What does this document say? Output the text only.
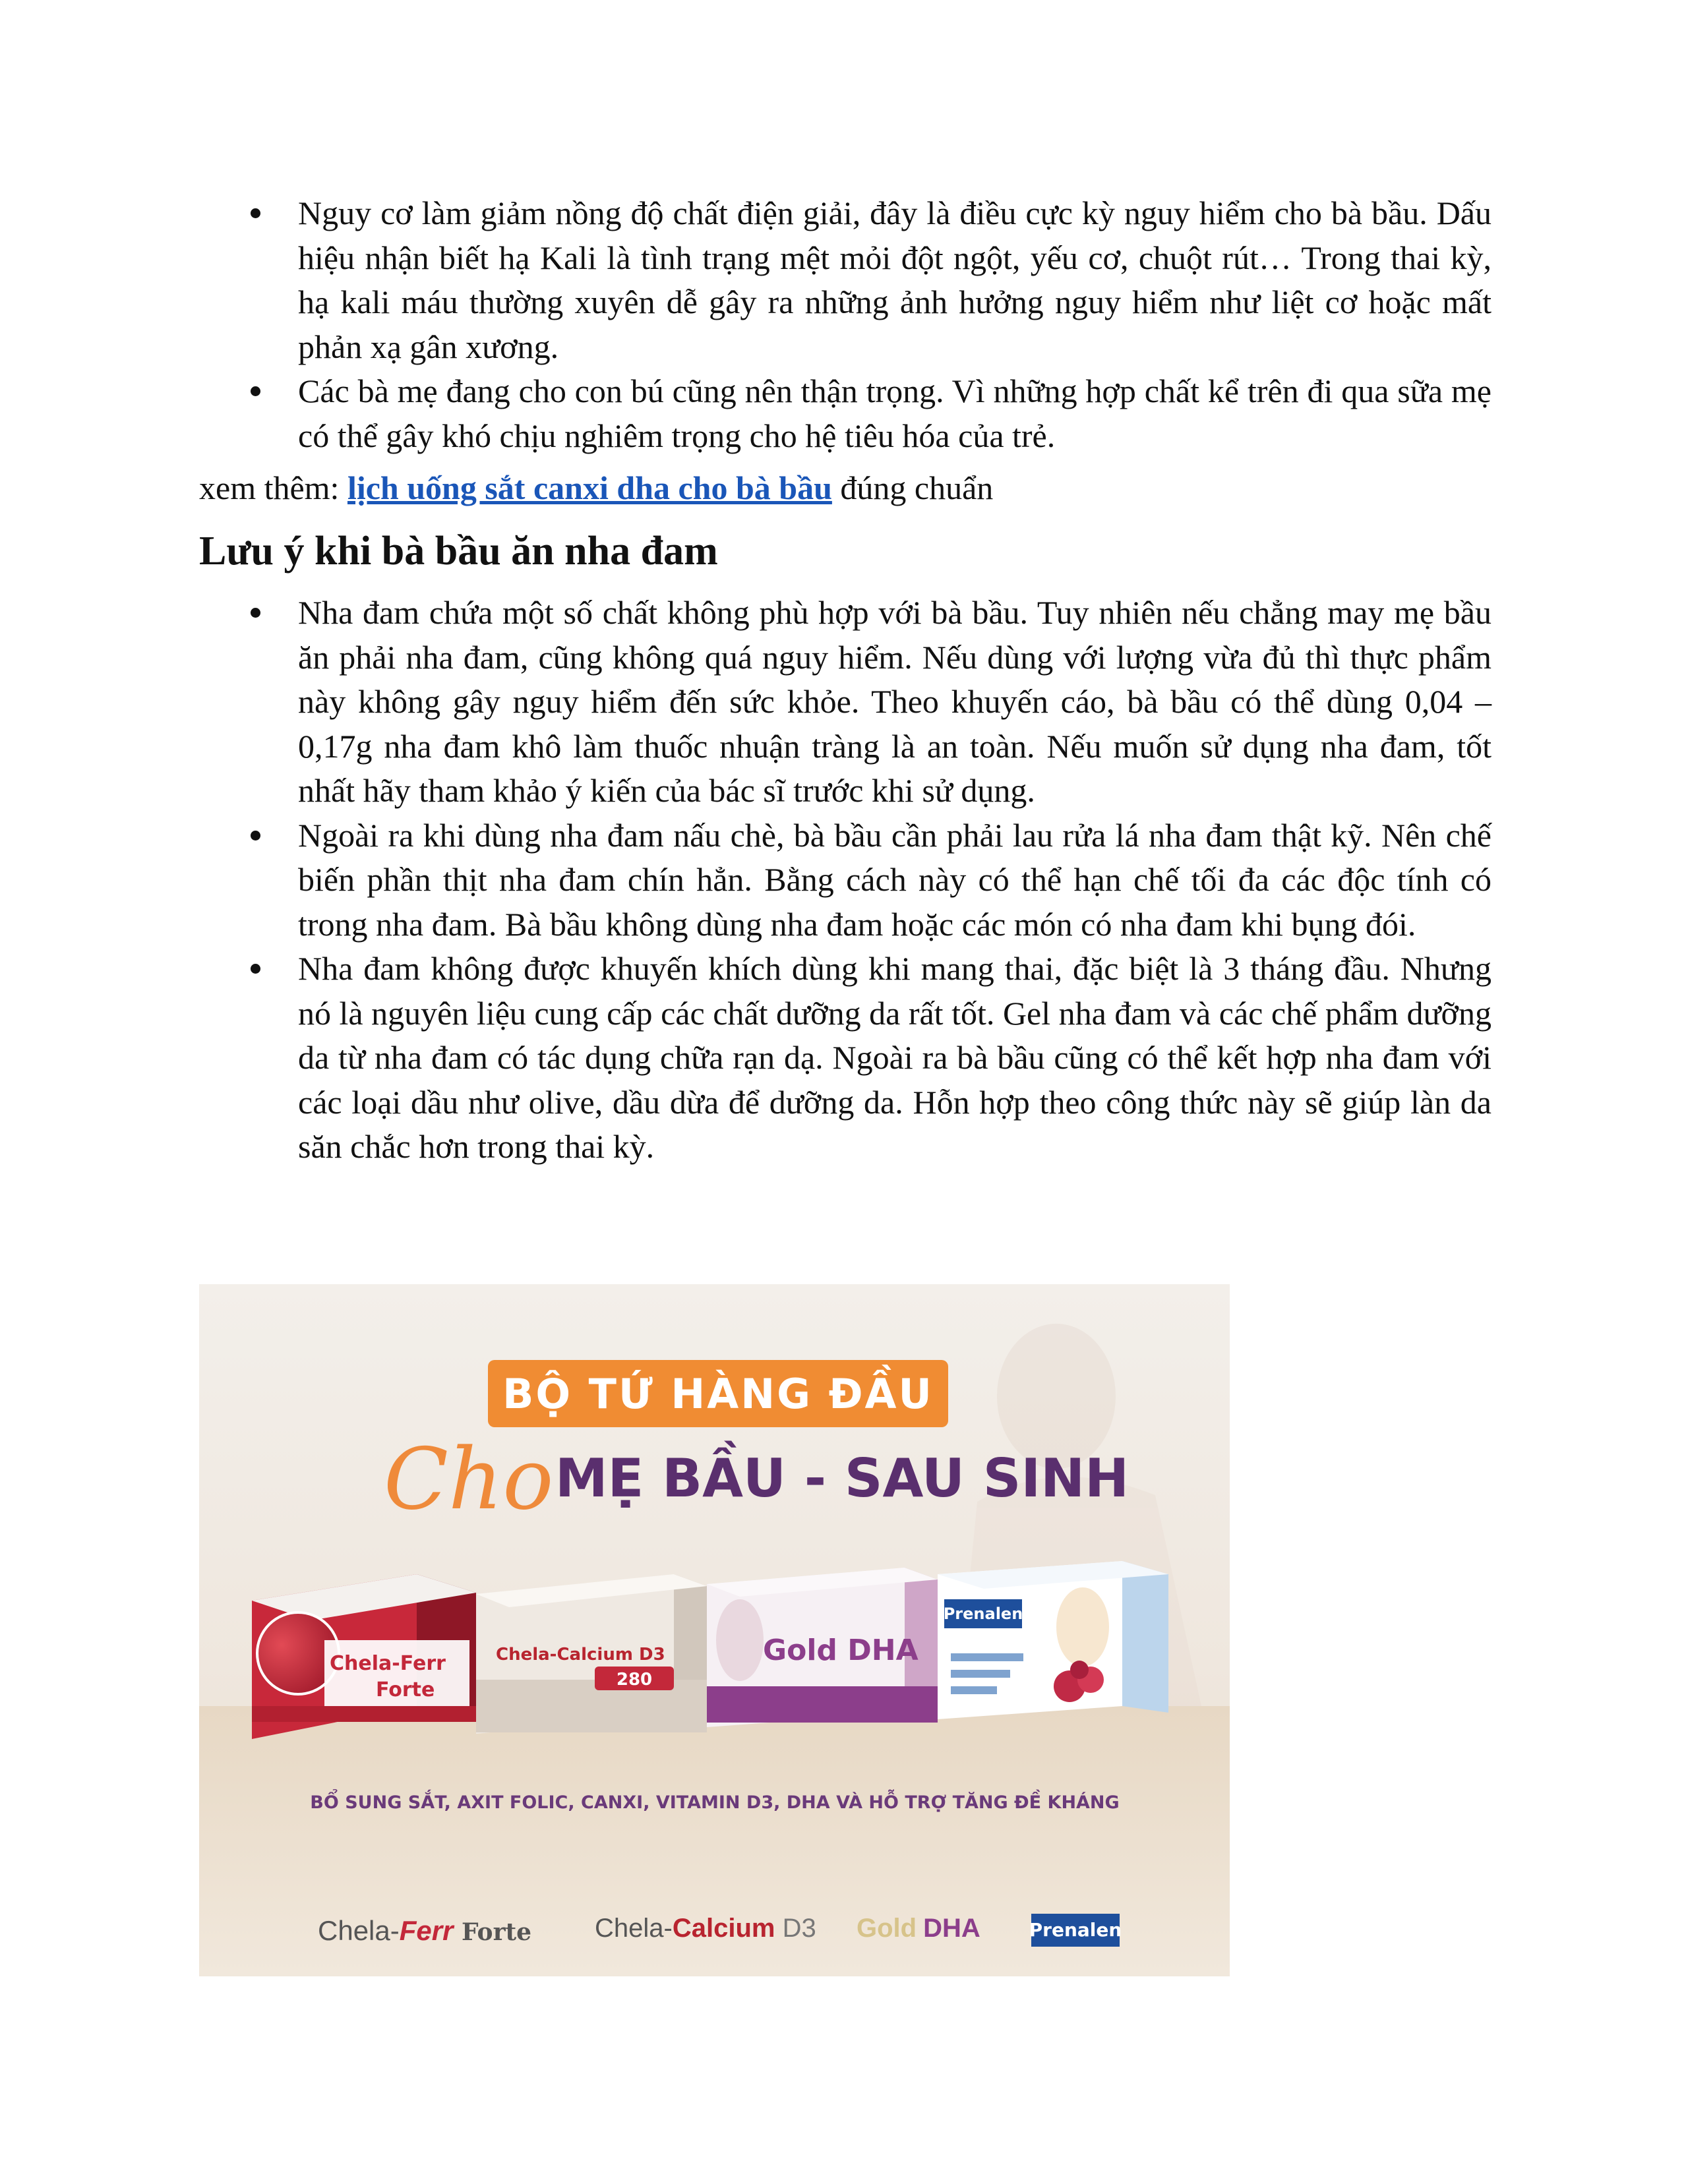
Nguy cơ làm giảm nồng độ chất điện giải, đây là điều cực kỳ nguy hiểm cho bà bầu. Dấu hiệu nhận biết hạ Kali là tình trạng mệt mỏi đột ngột, yếu cơ, chuột rút… Trong thai kỳ, hạ kali máu thường xuyên dễ gây ra những ảnh hưởng nguy hiểm như liệt cơ hoặc mất phản xạ gân xương.
Các bà mẹ đang cho con bú cũng nên thận trọng. Vì những hợp chất kể trên đi qua sữa mẹ có thể gây khó chịu nghiêm trọng cho hệ tiêu hóa của trẻ.
xem thêm: lịch uống sắt canxi dha cho bà bầu đúng chuẩn
Lưu ý khi bà bầu ăn nha đam
Nha đam chứa một số chất không phù hợp với bà bầu. Tuy nhiên nếu chẳng may mẹ bầu ăn phải nha đam, cũng không quá nguy hiểm. Nếu dùng với lượng vừa đủ thì thực phẩm này không gây nguy hiểm đến sức khỏe. Theo khuyến cáo, bà bầu có thể dùng 0,04 – 0,17g nha đam khô làm thuốc nhuận tràng là an toàn. Nếu muốn sử dụng nha đam, tốt nhất hãy tham khảo ý kiến của bác sĩ trước khi sử dụng.
Ngoài ra khi dùng nha đam nấu chè, bà bầu cần phải lau rửa lá nha đam thật kỹ. Nên chế biến phần thịt nha đam chín hẳn. Bằng cách này có thể hạn chế tối đa các độc tính có trong nha đam. Bà bầu không dùng nha đam hoặc các món có nha đam khi bụng đói.
Nha đam không được khuyến khích dùng khi mang thai, đặc biệt là 3 tháng đầu. Nhưng nó là nguyên liệu cung cấp các chất dưỡng da rất tốt. Gel nha đam và các chế phẩm dưỡng da từ nha đam có tác dụng chữa rạn dạ. Ngoài ra bà bầu cũng có thể kết hợp nha đam với các loại dầu như olive, dầu dừa để dưỡng da. Hỗn hợp theo công thức này sẽ giúp làn da săn chắc hơn trong thai kỳ.
BỘ TỨ HÀNG ĐẦU
Cho MẸ BẦU - SAU SINH
Chela-Ferr
Forte
Chela-Calcium D3
280
Gold DHA
Prenalen
BỔ SUNG SẮT, AXIT FOLIC, CANXI, VITAMIN D3, DHA VÀ HỖ TRỢ TĂNG ĐỀ KHÁNG
Chela-Ferr Forte Chela-Calcium D3 Gold DHA	Prenalen
